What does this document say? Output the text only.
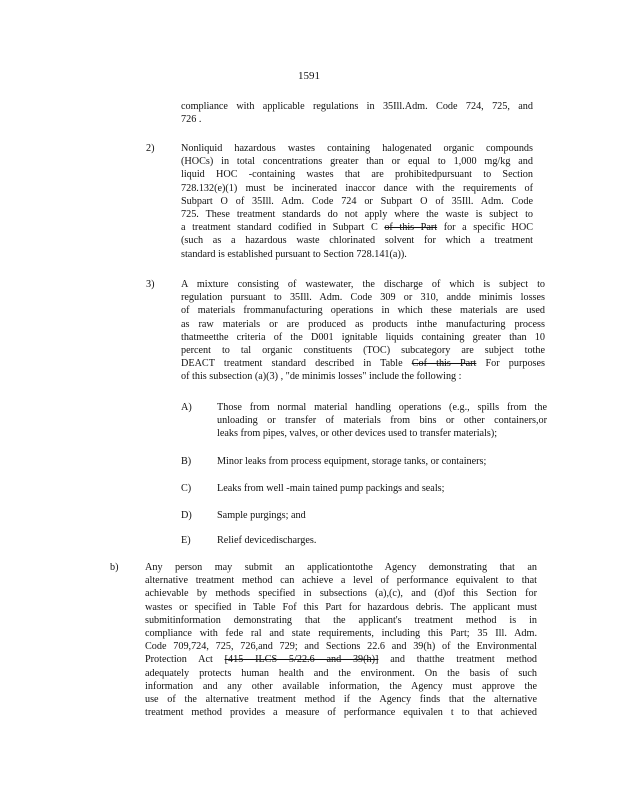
1591
compliance with applicable regulations in 35Ill.Adm. Code 724, 725, and
726 .
2)	Nonliquid hazardous wastes containing halogenated organic compounds
(HOCs) in total concentrations greater than or equal to 1,000 mg/kg and
liquid HOC -containing wastes that are prohibitedpursuant to Section
728.132(e)(1) must be incinerated inaccor dance with the requirements of
Subpart O of 35Ill. Adm. Code 724 or Subpart O of 35Ill. Adm. Code
725. These treatment standards do not apply where the waste is subject to
a treatment standard codified in Subpart C of this Part for a specific HOC
(such as a hazardous waste chlorinated solvent for which a treatment
standard is established pursuant to Section 728.141(a)).
3)	A mixture consisting of wastewater, the discharge of which is subject to
regulation pursuant to 35Ill. Adm. Code 309 or 310, andde minimis losses
of materials frommanufacturing operations in which these materials are used
as raw materials or are produced as products inthe manufacturing process
thatmeetthe criteria of the D001 ignitable liquids containing greater than 10
percent to tal organic constituents (TOC) subcategory are subject tothe
DEACT treatment standard described in Table Cof this Part For purposes
of this subsection (a)(3) , "de minimis losses" include the following :
A) Those from normal material handling operations (e.g., spills from the
unloading or transfer of materials from bins or other containers,or
leaks from pipes, valves, or other devices used to transfer materials);
B)	Minor leaks from process equipment, storage tanks, or containers;
C)	Leaks from well -main tained pump packings and seals;
D) Sample purgings; and
E)	Relief devicedischarges.
b)	Any person may submit an applicationtothe Agency demonstrating that an
alternative treatment method can achieve a level of performance equivalent to that
achievable by methods specified in subsections (a),(c), and (d)of this Section for
wastes or specified in Table Fof this Part for hazardous debris. The applicant must
submitinformation demonstrating that the applicant's treatment method is in
compliance with fede ral and state requirements, including this Part; 35 Ill. Adm.
Code 709,724, 725, 726,and 729; and Sections 22.6 and 39(h) of the Environmental
Protection Act [415 ILCS 5/22.6 and 39(h)] and thatthe treatment method
adequately protects human health and the environment. On the basis of such
information and any other available information, the Agency must approve the
use of the alternative treatment method if the Agency finds that the alternative
treatment method provides a measure of performance equivalen t to that achieved
